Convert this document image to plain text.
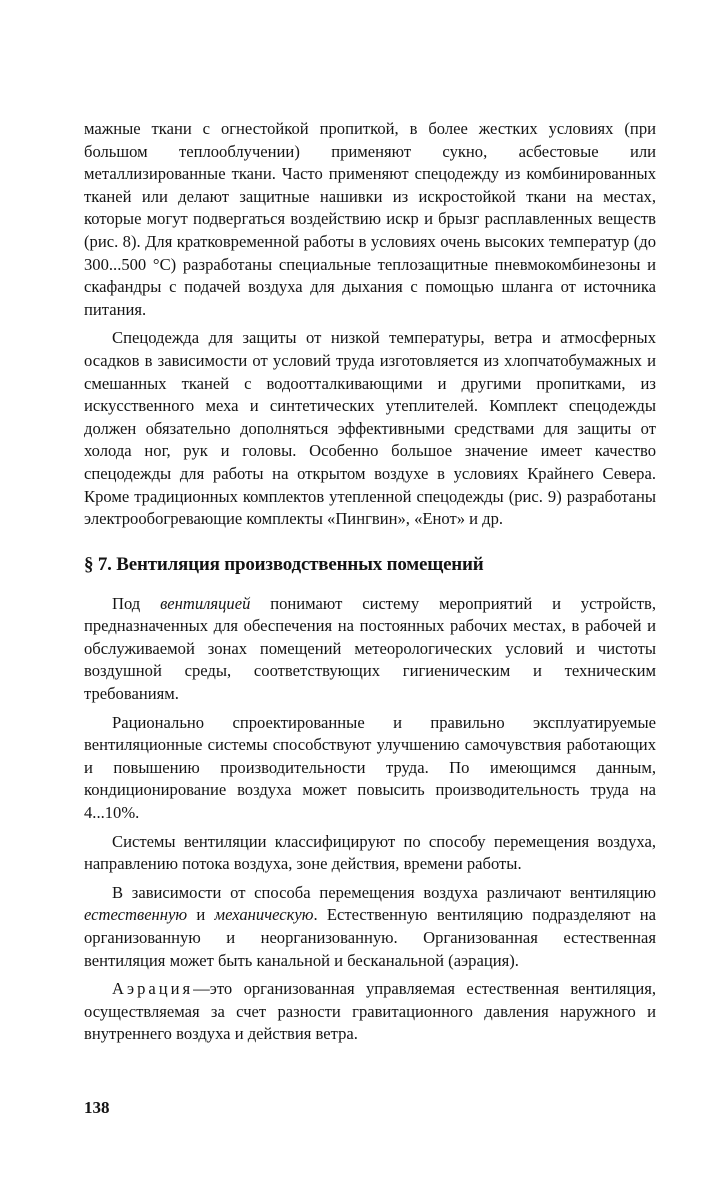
мажные ткани с огнестойкой пропиткой, в более жестких условиях (при большом теплооблучении) применяют сукно, асбестовые или металлизированные ткани. Часто применяют спецодежду из комбинированных тканей или делают защитные нашивки из искростойкой ткани на местах, которые могут подвергаться воздействию искр и брызг расплавленных веществ (рис. 8). Для кратковременной работы в условиях очень высоких температур (до 300...500 °С) разработаны специальные теплозащитные пневмокомбинезоны и скафандры с подачей воздуха для дыхания с помощью шланга от источника питания.

Спецодежда для защиты от низкой температуры, ветра и атмосферных осадков в зависимости от условий труда изготовляется из хлопчатобумажных и смешанных тканей с водоотталкивающими и другими пропитками, из искусственного меха и синтетических утеплителей. Комплект спецодежды должен обязательно дополняться эффективными средствами для защиты от холода ног, рук и головы. Особенно большое значение имеет качество спецодежды для работы на открытом воздухе в условиях Крайнего Севера. Кроме традиционных комплектов утепленной спецодежды (рис. 9) разработаны электрообогревающие комплекты «Пингвин», «Енот» и др.

§ 7. Вентиляция производственных помещений

Под вентиляцией понимают систему мероприятий и устройств, предназначенных для обеспечения на постоянных рабочих местах, в рабочей и обслуживаемой зонах помещений метеорологических условий и чистоты воздушной среды, соответствующих гигиеническим и техническим требованиям.

Рационально спроектированные и правильно эксплуатируемые вентиляционные системы способствуют улучшению самочувствия работающих и повышению производительности труда. По имеющимся данным, кондиционирование воздуха может повысить производительность труда на 4...10%.

Системы вентиляции классифицируют по способу перемещения воздуха, направлению потока воздуха, зоне действия, времени работы.

В зависимости от способа перемещения воздуха различают вентиляцию естественную и механическую. Естественную вентиляцию подразделяют на организованную и неорганизованную. Организованная естественная вентиляция может быть канальной и бесканальной (аэрация).

Аэрация—это организованная управляемая естественная вентиляция, осуществляемая за счет разности гравитационного давления наружного и внутреннего воздуха и действия ветра.

138
